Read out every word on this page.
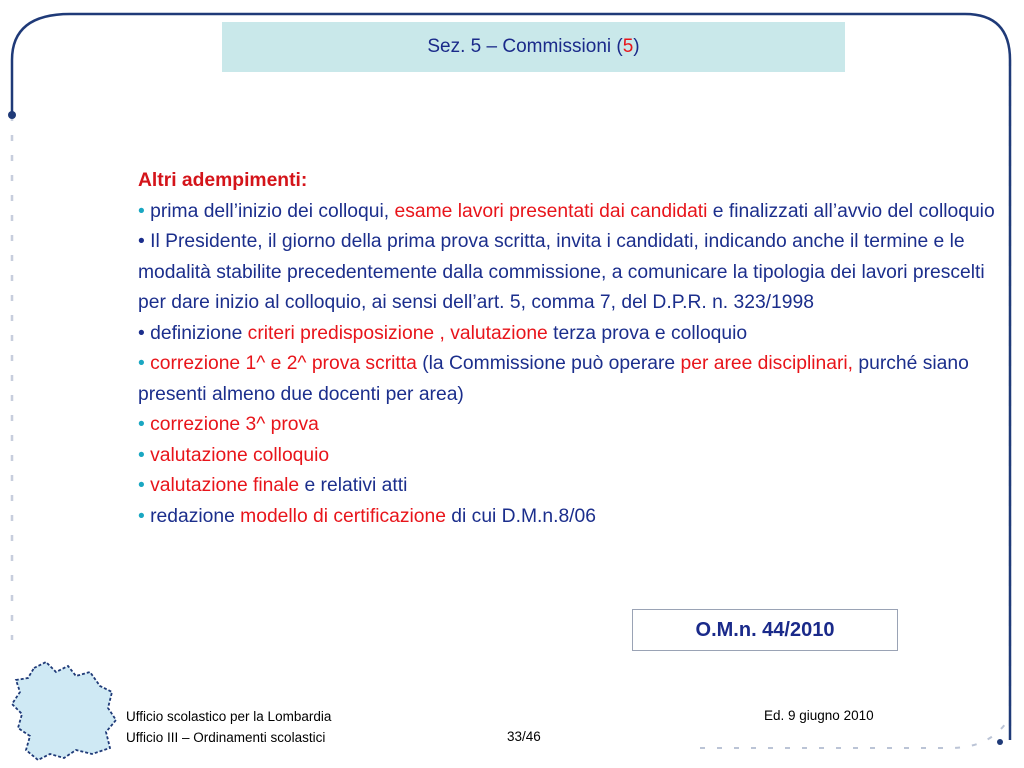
Sez. 5 – Commissioni (5)

Altri adempimenti:

• prima dell’inizio dei colloqui, esame lavori presentati dai candidati e finalizzati all’avvio del colloquio

• Il Presidente, il giorno della prima prova scritta, invita i candidati, indicando anche il termine e le modalità stabilite precedentemente dalla commissione, a comunicare la tipologia dei lavori prescelti per dare inizio al colloquio, ai sensi dell’art. 5, comma 7, del D.P.R. n. 323/1998

• definizione criteri predisposizione , valutazione terza prova e colloquio

• correzione 1^ e 2^ prova scritta (la Commissione può operare per aree disciplinari, purché siano presenti almeno due docenti per area)

• correzione 3^ prova

• valutazione colloquio

• valutazione finale e relativi atti

• redazione modello di certificazione di cui D.M.n.8/06

O.M.n. 44/2010
Ufficio scolastico per la Lombardia
Ufficio III – Ordinamenti scolastici	33/46
Ed. 9 giugno 2010
